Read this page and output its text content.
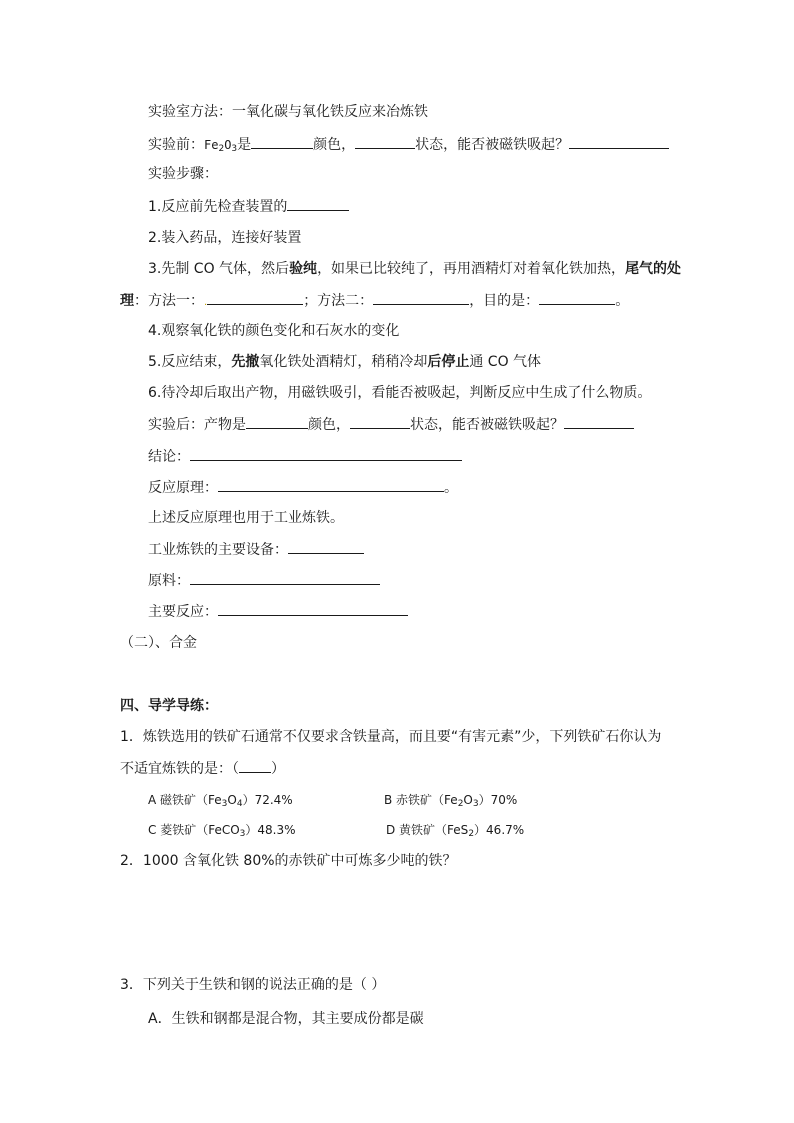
实验室方法：一氧化碳与氧化铁反应来冶炼铁
实验前：$Fe_2O_3$是	颜色，	状态，能否被磁铁吸起？
实验步骤：
1.反应前先检查装置的
2.装入药品，连接好装置
3.先制 CO 气体，然后验纯，如果已比较纯了，再用酒精灯对着氧化铁加热，尾气的处
理：方法一：.	；方法二：	，目的是：	。
4.观察氧化铁的颜色变化和石灰水的变化
5.反应结束，先撤氧化铁处酒精灯，稍稍冷却后停止通 CO 气体
6.待冷却后取出产物，用磁铁吸引，看能否被吸起，判断反应中生成了什么物质。
实验后：产物是	颜色，	状态，能否被磁铁吸起？
结论：
反应原理：	。
上述反应原理也用于工业炼铁。
工业炼铁的主要设备：
原料：
主要反应：
（二）、合金
四、导学导练：
1．炼铁选用的铁矿石通常不仅要求含铁量高，而且要“有害元素”少，下列铁矿石你认为
不适宜炼铁的是：（ ）
A 磁铁矿$(Fe_3O_4)72.4\%$	B 赤铁矿$(Fe_2O_3)70\%$
C 菱铁矿（FeCO$_3$）48.3%	D 黄铁矿（FeS$_2$）46.7%
2．1000 含氧化铁 80%的赤铁矿中可炼多少吨的铁？
3．下列关于生铁和钢的说法正确的是（ ）
A．生铁和钢都是混合物，其主要成份都是碳
